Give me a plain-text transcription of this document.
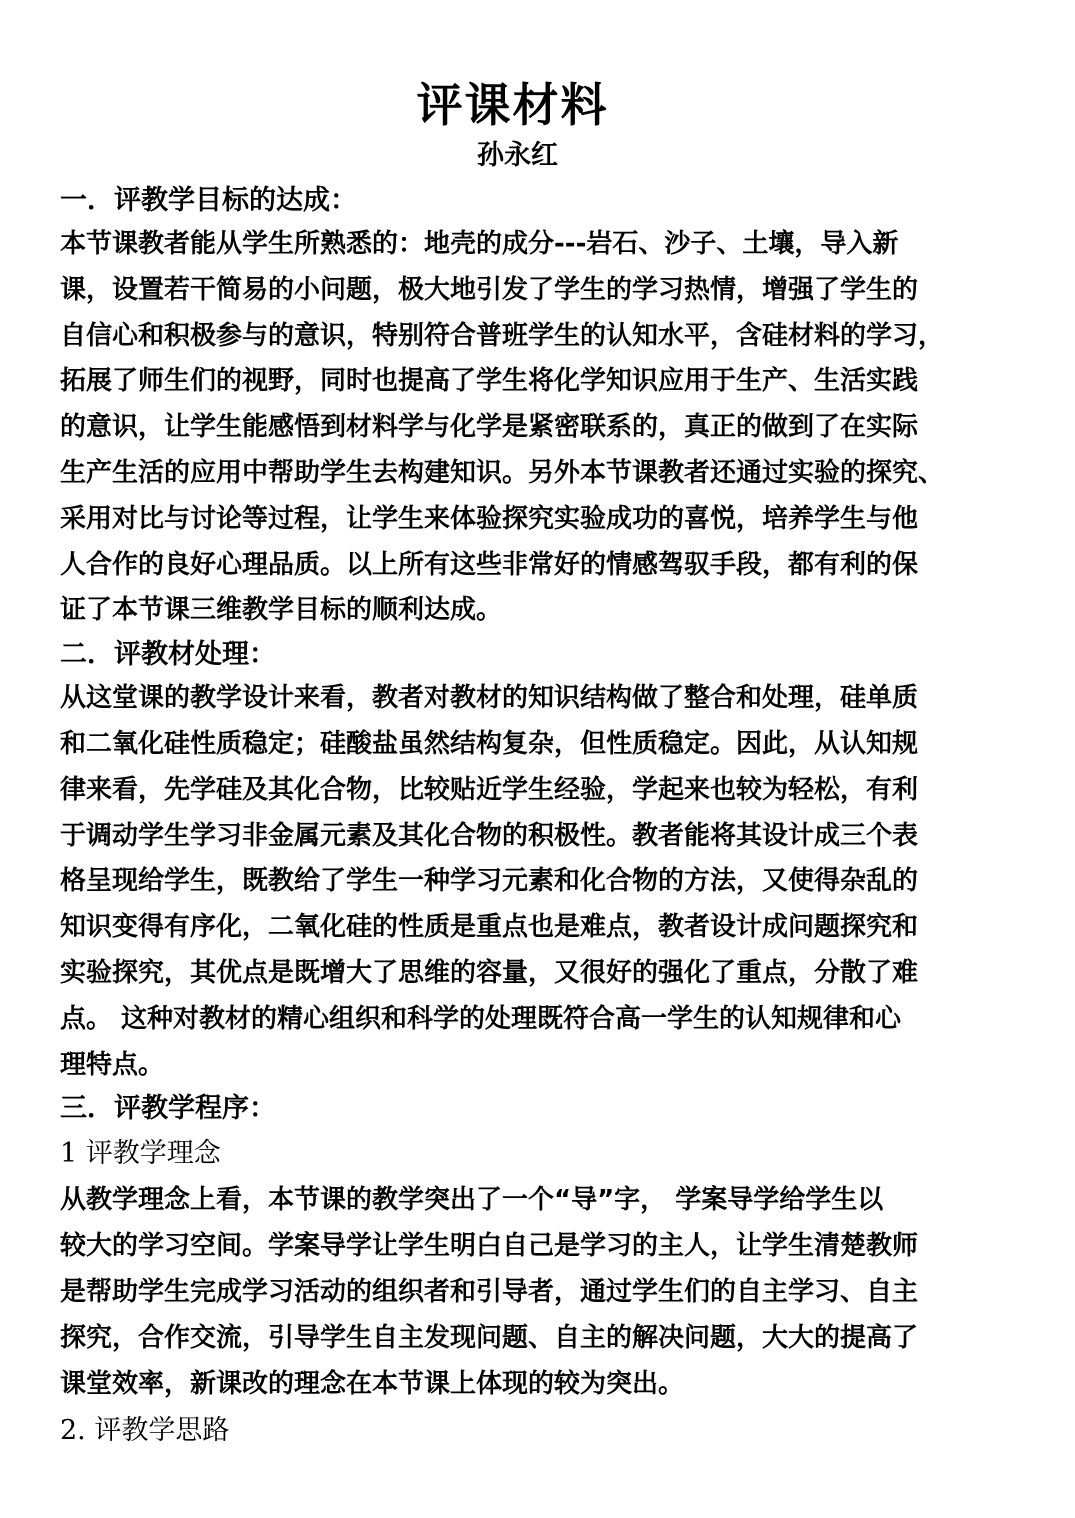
评课材料
孙永红
一．评教学目标的达成：
本节课教者能从学生所熟悉的：地壳的成分---岩石、沙子、土壤，导入新
课，设置若干简易的小问题，极大地引发了学生的学习热情，增强了学生的
自信心和积极参与的意识，特别符合普班学生的认知水平，含硅材料的学习，
拓展了师生们的视野，同时也提高了学生将化学知识应用于生产、生活实践
的意识，让学生能感悟到材料学与化学是紧密联系的，真正的做到了在实际
生产生活的应用中帮助学生去构建知识。另外本节课教者还通过实验的探究、
采用对比与讨论等过程，让学生来体验探究实验成功的喜悦，培养学生与他
人合作的良好心理品质。以上所有这些非常好的情感驾驭手段，都有利的保
证了本节课三维教学目标的顺利达成。
二．评教材处理：
从这堂课的教学设计来看，教者对教材的知识结构做了整合和处理，硅单质
和二氧化硅性质稳定；硅酸盐虽然结构复杂，但性质稳定。因此，从认知规
律来看，先学硅及其化合物，比较贴近学生经验，学起来也较为轻松，有利
于调动学生学习非金属元素及其化合物的积极性。教者能将其设计成三个表
格呈现给学生，既教给了学生一种学习元素和化合物的方法，又使得杂乱的
知识变得有序化，二氧化硅的性质是重点也是难点，教者设计成问题探究和
实验探究，其优点是既增大了思维的容量，又很好的强化了重点，分散了难
点。 这种对教材的精心组织和科学的处理既符合高一学生的认知规律和心
理特点。
三．评教学程序：
1 评教学理念
从教学理念上看，本节课的教学突出了一个“导”字， 学案导学给学生以
较大的学习空间。学案导学让学生明白自己是学习的主人，让学生清楚教师
是帮助学生完成学习活动的组织者和引导者，通过学生们的自主学习、自主
探究，合作交流，引导学生自主发现问题、自主的解决问题，大大的提高了
课堂效率，新课改的理念在本节课上体现的较为突出。
2. 评教学思路
